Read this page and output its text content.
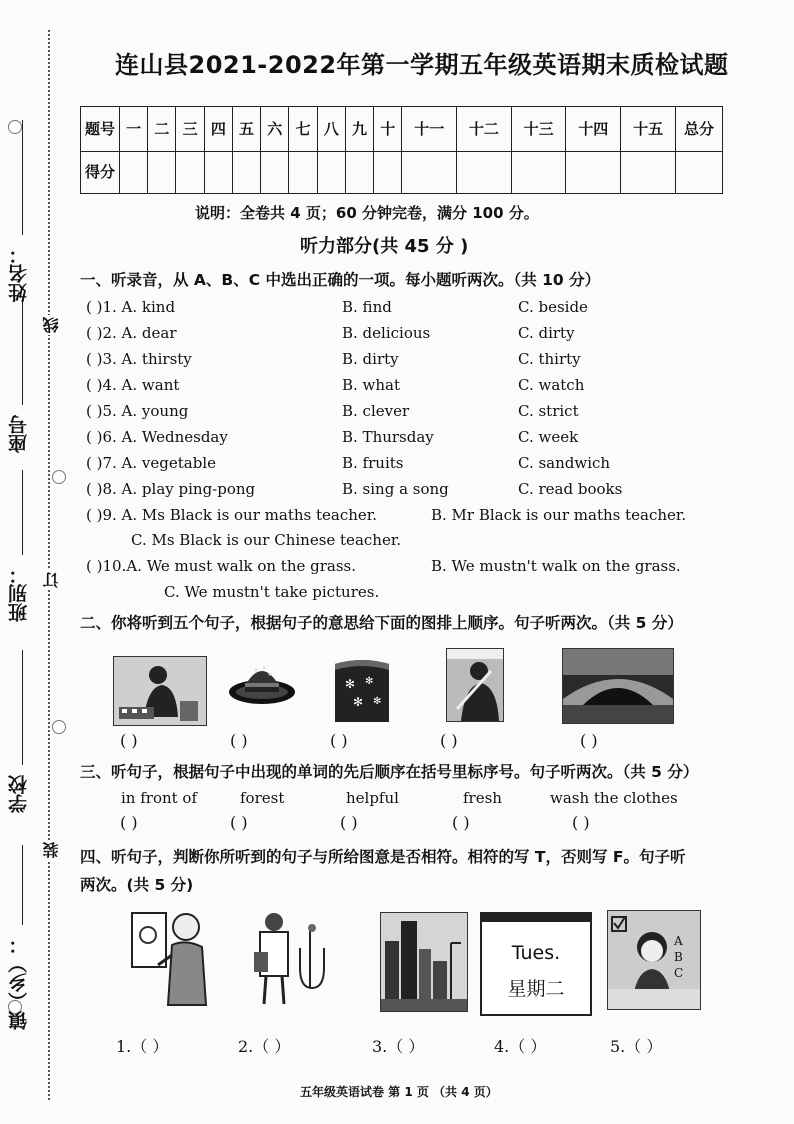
镇（乡）：
学校
班别：
座号
姓名：
线
订
装
连山县2021-2022年第一学期五年级英语期末质检试题
题号	一	二	三	四	五	六	七	八	九	十	十一	十二	十三	十四	十五	总分
得分																
说明：全卷共 4 页；60 分钟完卷，满分 100 分。
听力部分(共 45 分 )
一、听录音，从 A、B、C 中选出正确的一项。每小题听两次。（共 10 分）
( )1. A. kind	B. find	C. beside
( )2. A. dear	B. delicious	C. dirty
( )3. A. thirsty	B. dirty	C. thirty
( )4. A. want	B. what	C. watch
( )5. A. young	B. clever	C. strict
( )6. A. Wednesday	B. Thursday	C. week
( )7. A. vegetable	B. fruits	C. sandwich
( )8. A. play ping-pong	B. sing a song	C. read books
( )9. A. Ms Black is our maths teacher.	B. Mr Black is our maths teacher.
C. Ms Black is our Chinese teacher.
( )10.A. We must walk on the grass.	B. We mustn't walk on the grass.
C. We mustn't take pictures.
二、你将听到五个句子，根据句子的意思给下面的图排上顺序。句子听两次。（共 5 分）
✻ ✻
✻ ✻
( )	( )	( )	( )	( )
三、听句子，根据句子中出现的单词的先后顺序在括号里标序号。句子听两次。（共 5 分）
in front of	forest	helpful	fresh	wash the clothes
( )	( )	( )	( )	( )
四、听句子，判断你所听到的句子与所给图意是否相符。相符的写 T，否则写 F。句子听
两次。(共 5 分)
Tues.
星期二
A B C
1.（ ）	2.（ ）	3.（ ）	4.（ ）	5.（ ）
五年级英语试卷 第 1 页 （共 4 页）
